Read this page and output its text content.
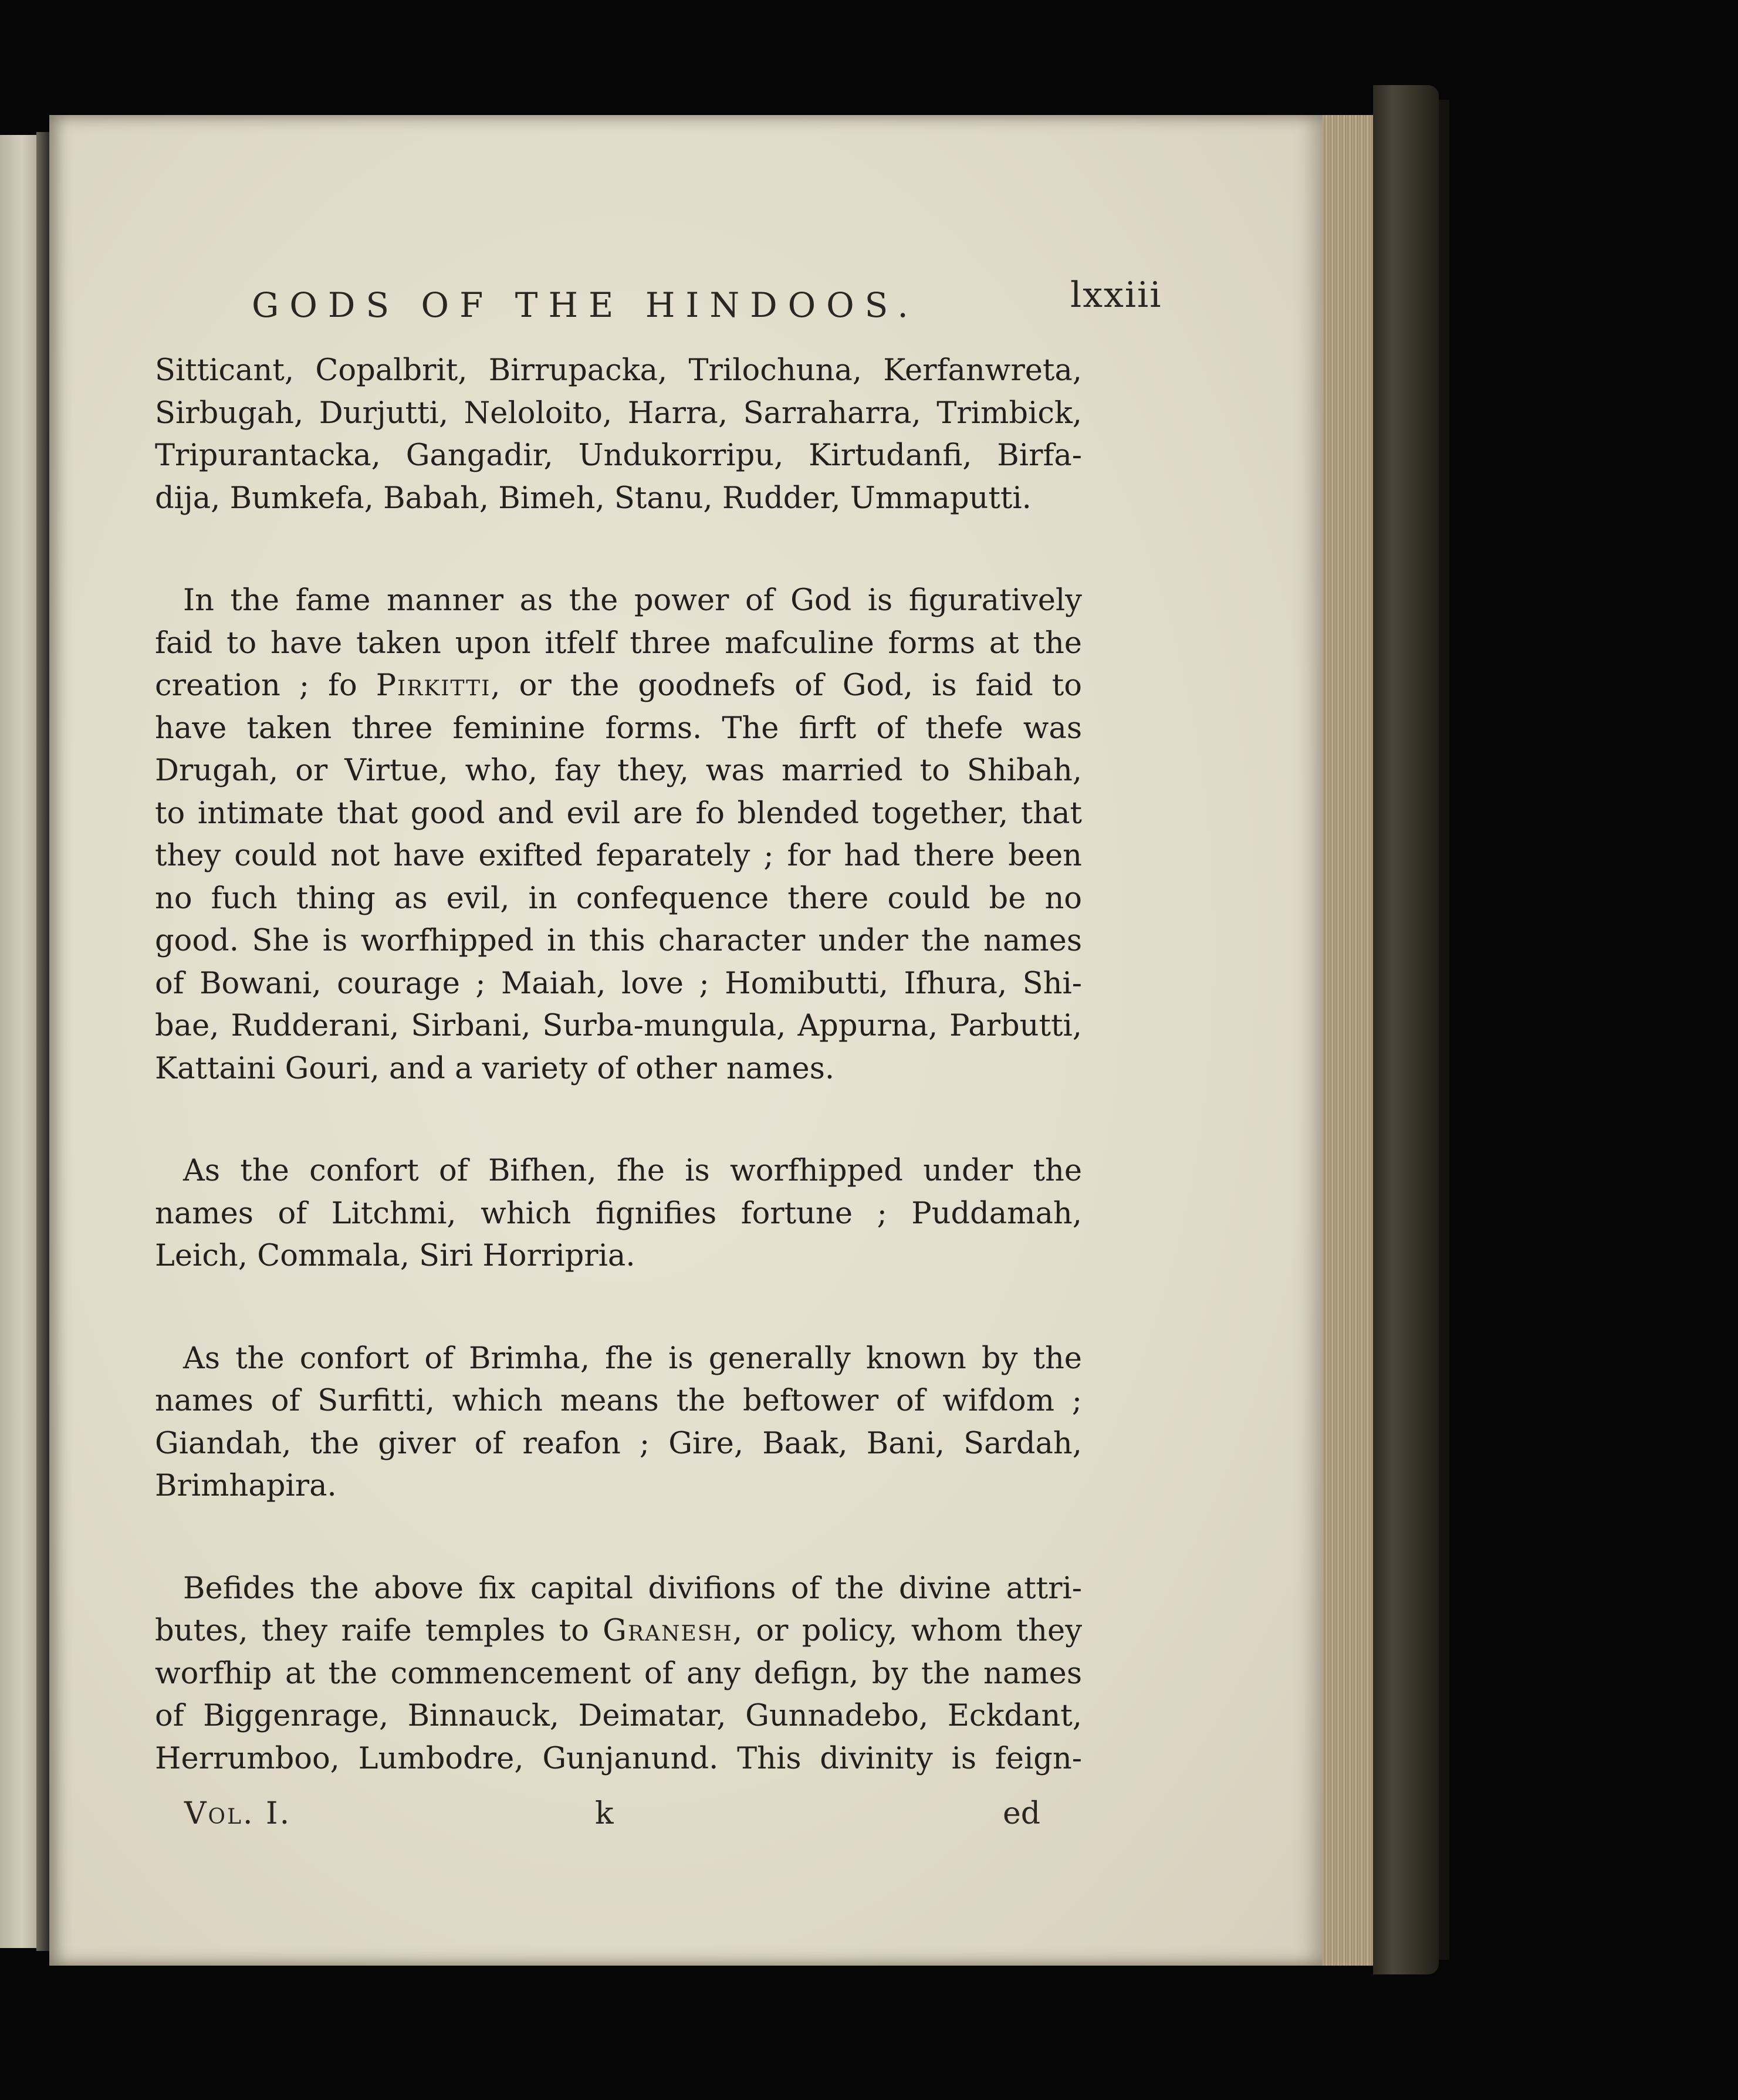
GODS OF THE HINDOOS.	lxxiii
Sitticant, Copalbrit, Birrupacka, Trilochuna, Kerfanwreta,
Sirbugah, Durjutti, Neloloito, Harra, Sarraharra, Trimbick,
Tripurantacka, Gangadir, Undukorripu, Kirtudanfi, Birfa-
dija, Bumkefa, Babah, Bimeh, Stanu, Rudder, Ummaputti.
In the fame manner as the power of God is figuratively
faid to have taken upon itfelf three mafculine forms at the
creation ; fo Pirkitti, or the goodnefs of God, is faid to
have taken three feminine forms. The firft of thefe was
Drugah, or Virtue, who, fay they, was married to Shibah,
to intimate that good and evil are fo blended together, that
they could not have exifted feparately ; for had there been
no fuch thing as evil, in confequence there could be no
good. She is worfhipped in this character under the names
of Bowani, courage ; Maiah, love ; Homibutti, Ifhura, Shi-
bae, Rudderani, Sirbani, Surba-mungula, Appurna, Parbutti,
Kattaini Gouri, and a variety of other names.
As the confort of Bifhen, fhe is worfhipped under the
names of Litchmi, which fignifies fortune ; Puddamah,
Leich, Commala, Siri Horripria.
As the confort of Brimha, fhe is generally known by the
names of Surfitti, which means the beftower of wifdom ;
Giandah, the giver of reafon ; Gire, Baak, Bani, Sardah,
Brimhapira.
Befides the above fix capital divifions of the divine attri-
butes, they raife temples to Granesh, or policy, whom they
worfhip at the commencement of any defign, by the names
of Biggenrage, Binnauck, Deimatar, Gunnadebo, Eckdant,
Herrumboo, Lumbodre, Gunjanund. This divinity is feign-
Vol. I.	k	ed
